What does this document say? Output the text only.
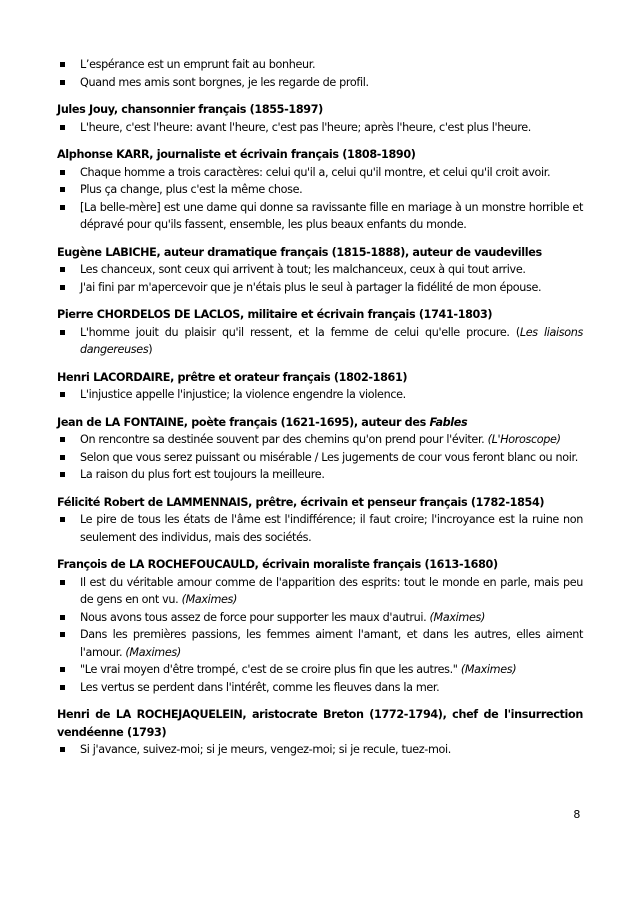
L’espérance est un emprunt fait au bonheur.
Quand mes amis sont borgnes, je les regarde de profil.
Jules Jouy, chansonnier français (1855-1897)
L'heure, c'est l'heure: avant l'heure, c'est pas l'heure; après l'heure, c'est plus l'heure.
Alphonse KARR, journaliste et écrivain français (1808-1890)
Chaque homme a trois caractères: celui qu'il a, celui qu'il montre, et celui qu'il croit avoir.
Plus ça change, plus c'est la même chose.
[La belle-mère] est une dame qui donne sa ravissante fille en mariage à un monstre horrible et dépravé pour qu'ils fassent, ensemble, les plus beaux enfants du monde.
Eugène LABICHE, auteur dramatique français (1815-1888), auteur de vaudevilles
Les chanceux, sont ceux qui arrivent à tout; les malchanceux, ceux à qui tout arrive.
J'ai fini par m'apercevoir que je n'étais plus le seul à partager la fidélité de mon épouse.
Pierre CHORDELOS DE LACLOS, militaire et écrivain français (1741-1803)
L'homme jouit du plaisir qu'il ressent, et la femme de celui qu'elle procure. (Les liaisons dangereuses)
Henri LACORDAIRE, prêtre et orateur français (1802-1861)
L'injustice appelle l'injustice; la violence engendre la violence.
Jean de LA FONTAINE, poète français (1621-1695), auteur des Fables
On rencontre sa destinée souvent par des chemins qu'on prend pour l'éviter. (L'Horoscope)
Selon que vous serez puissant ou misérable / Les jugements de cour vous feront blanc ou noir.
La raison du plus fort est toujours la meilleure.
Félicité Robert de LAMMENNAIS, prêtre, écrivain et penseur français (1782-1854)
Le pire de tous les états de l'âme est l'indifférence; il faut croire; l'incroyance est la ruine non seulement des individus, mais des sociétés.
François de LA ROCHEFOUCAULD, écrivain moraliste français (1613-1680)
Il est du véritable amour comme de l'apparition des esprits: tout le monde en parle, mais peu de gens en ont vu. (Maximes)
Nous avons tous assez de force pour supporter les maux d'autrui. (Maximes)
Dans les premières passions, les femmes aiment l'amant, et dans les autres, elles aiment l'amour. (Maximes)
"Le vrai moyen d'être trompé, c'est de se croire plus fin que les autres." (Maximes)
Les vertus se perdent dans l'intérêt, comme les fleuves dans la mer.
Henri de LA ROCHEJAQUELEIN, aristocrate Breton (1772-1794), chef de l'insurrection vendéenne (1793)
Si j'avance, suivez-moi; si je meurs, vengez-moi; si je recule, tuez-moi.
8
